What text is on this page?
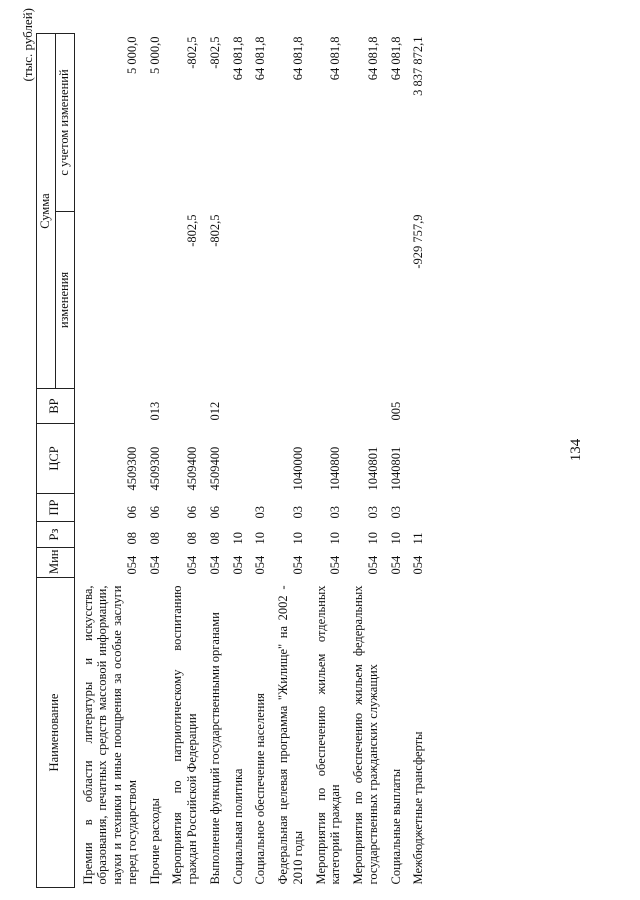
134
(тыс. рублей)
Наименование	Мин	Рз	ПР	ЦСР	ВР	Сумма	
						изменения	с учетом изменений
Премии в области литературы и искусства, образования, печатных средств массовой информации, науки и техники и иные поощрения за особые заслуги перед государством	054	08	06	4509300			5 000,0
Прочие расходы	054	08	06	4509300	013		5 000,0
Мероприятия по патриотическому воспитанию граждан Российской Федерации	054	08	06	4509400		-802,5	-802,5
Выполнение функций государственными органами	054	08	06	4509400	012	-802,5	-802,5
Социальная политика	054	10					64 081,8
Социальное обеспечение населения	054	10	03				64 081,8
Федеральная целевая программа "Жилище" на 2002 - 2010 годы	054	10	03	1040000			64 081,8
Мероприятия по обеспечению жильем отдельных категорий граждан	054	10	03	1040800			64 081,8
Мероприятия по обеспечению жильем федеральных государственных гражданских служащих	054	10	03	1040801			64 081,8
Социальные выплаты	054	10	03	1040801	005		64 081,8
Межбюджетные трансферты	054	11				-929 757,9	3 837 872,1
